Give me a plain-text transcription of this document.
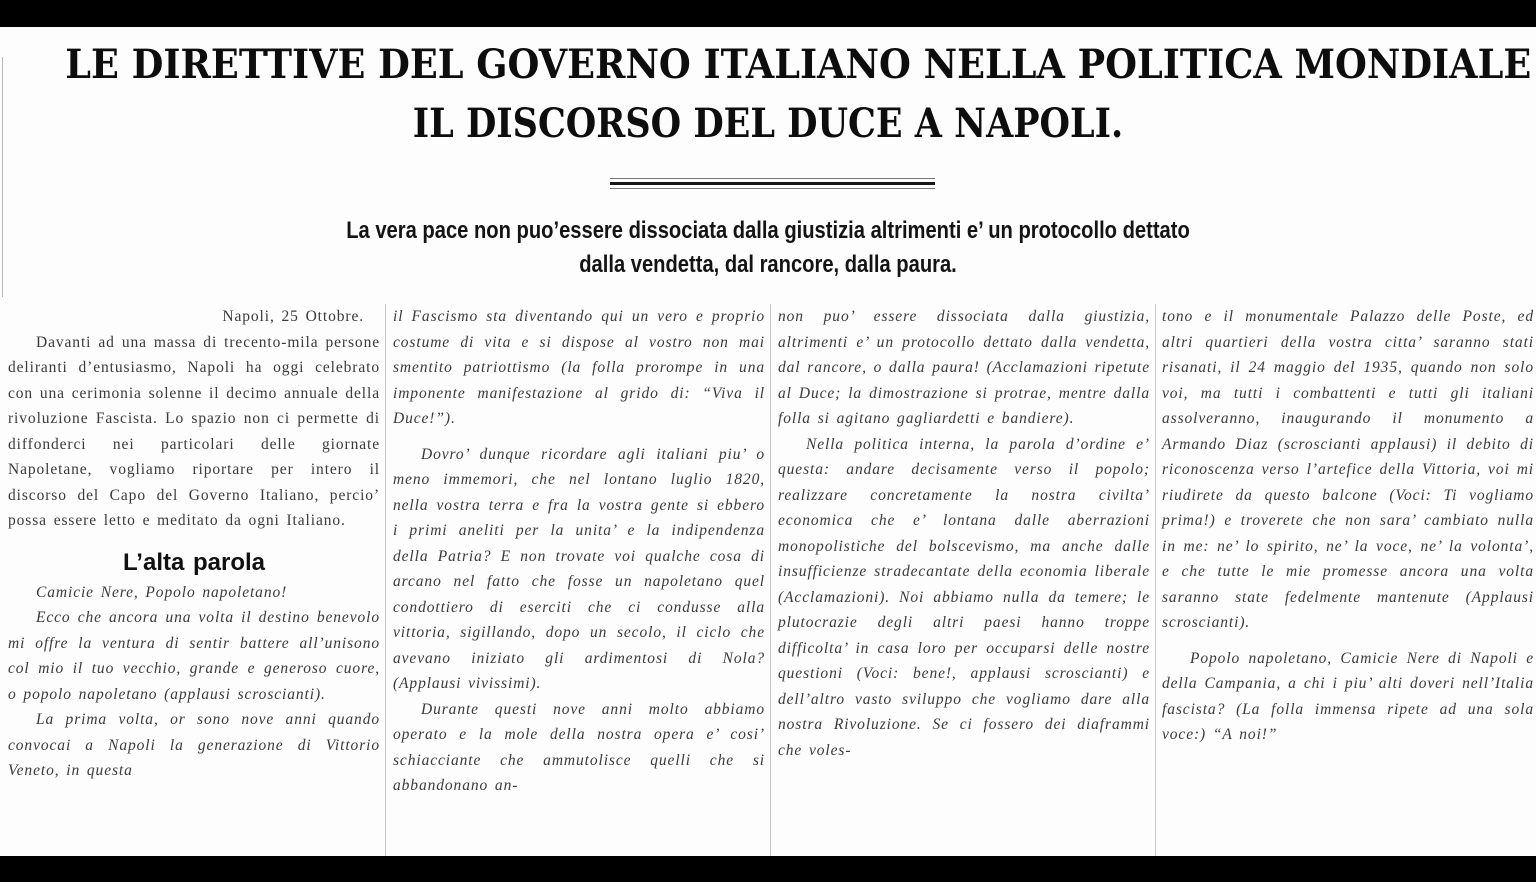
LE DIRETTIVE DEL GOVERNO ITALIANO NELLA POLITICA MONDIALE
IL DISCORSO DEL DUCE A NAPOLI.
La vera pace non puo’essere dissociata dalla giustizia altrimenti e’ un protocollo dettato
dalla vendetta, dal rancore, dalla paura.

Napoli, 25 Ottobre.

Davanti ad una massa di trecento-mila persone deliranti d’entusiasmo, Napoli ha oggi celebrato con una cerimonia solenne il decimo annuale della rivoluzione Fascista. Lo spazio non ci permette di diffonderci nei particolari delle giornate Napoletane, vogliamo riportare per intero il discorso del Capo del Governo Italiano, percio’ possa essere letto e meditato da ogni Italiano.

L’alta parola

Camicie Nere, Popolo napoletano!

Ecco che ancora una volta il destino benevolo mi offre la ventura di sentir battere all’unisono col mio il tuo vecchio, grande e generoso cuore, o popolo napoletano (applausi scroscianti).

La prima volta, or sono nove anni quando convocai a Napoli la generazione di Vittorio Veneto, in questa

il Fascismo sta diventando qui un vero e proprio costume di vita e si dispose al vostro non mai smentito patriottismo (la folla prorompe in una imponente manifestazione al grido di: “Viva il Duce!”).

Dovro’ dunque ricordare agli italiani piu’ o meno immemori, che nel lontano luglio 1820, nella vostra terra e fra la vostra gente si ebbero i primi aneliti per la unita’ e la indipendenza della Patria? E non trovate voi qualche cosa di arcano nel fatto che fosse un napoletano quel condottiero di eserciti che ci condusse alla vittoria, sigillando, dopo un secolo, il ciclo che avevano iniziato gli ardimentosi di Nola? (Applausi vivissimi).

Durante questi nove anni molto abbiamo operato e la mole della nostra opera e’ cosi’ schiacciante che ammutolisce quelli che si abbandonano an-

non puo’ essere dissociata dalla giustizia, altrimenti e’ un protocollo dettato dalla vendetta, dal rancore, o dalla paura! (Acclamazioni ripetute al Duce; la dimostrazione si protrae, mentre dalla folla si agitano gagliardetti e bandiere).

Nella politica interna, la parola d’ordine e’ questa: andare decisamente verso il popolo; realizzare concretamente la nostra civilta’ economica che e’ lontana dalle aberrazioni monopolistiche del bolscevismo, ma anche dalle insufficienze stradecantate della economia liberale (Acclamazioni). Noi abbiamo nulla da temere; le plutocrazie degli altri paesi hanno troppe difficolta’ in casa loro per occuparsi delle nostre questioni (Voci: bene!, applausi scroscianti) e dell’altro vasto sviluppo che vogliamo dare alla nostra Rivoluzione. Se ci fossero dei diaframmi che voles-

tono e il monumentale Palazzo delle Poste, ed altri quartieri della vostra citta’ saranno stati risanati, il 24 maggio del 1935, quando non solo voi, ma tutti i combattenti e tutti gli italiani assolveranno, inaugurando il monumento a Armando Diaz (scroscianti applausi) il debito di riconoscenza verso l’artefice della Vittoria, voi mi riudirete da questo balcone (Voci: Ti vogliamo prima!) e troverete che non sara’ cambiato nulla in me: ne’ lo spirito, ne’ la voce, ne’ la volonta’, e che tutte le mie promesse ancora una volta saranno state fedelmente mantenute (Applausi scroscianti).

Popolo napoletano, Camicie Nere di Napoli e della Campania, a chi i piu’ alti doveri nell’Italia fascista? (La folla immensa ripete ad una sola voce:) “A noi!”
